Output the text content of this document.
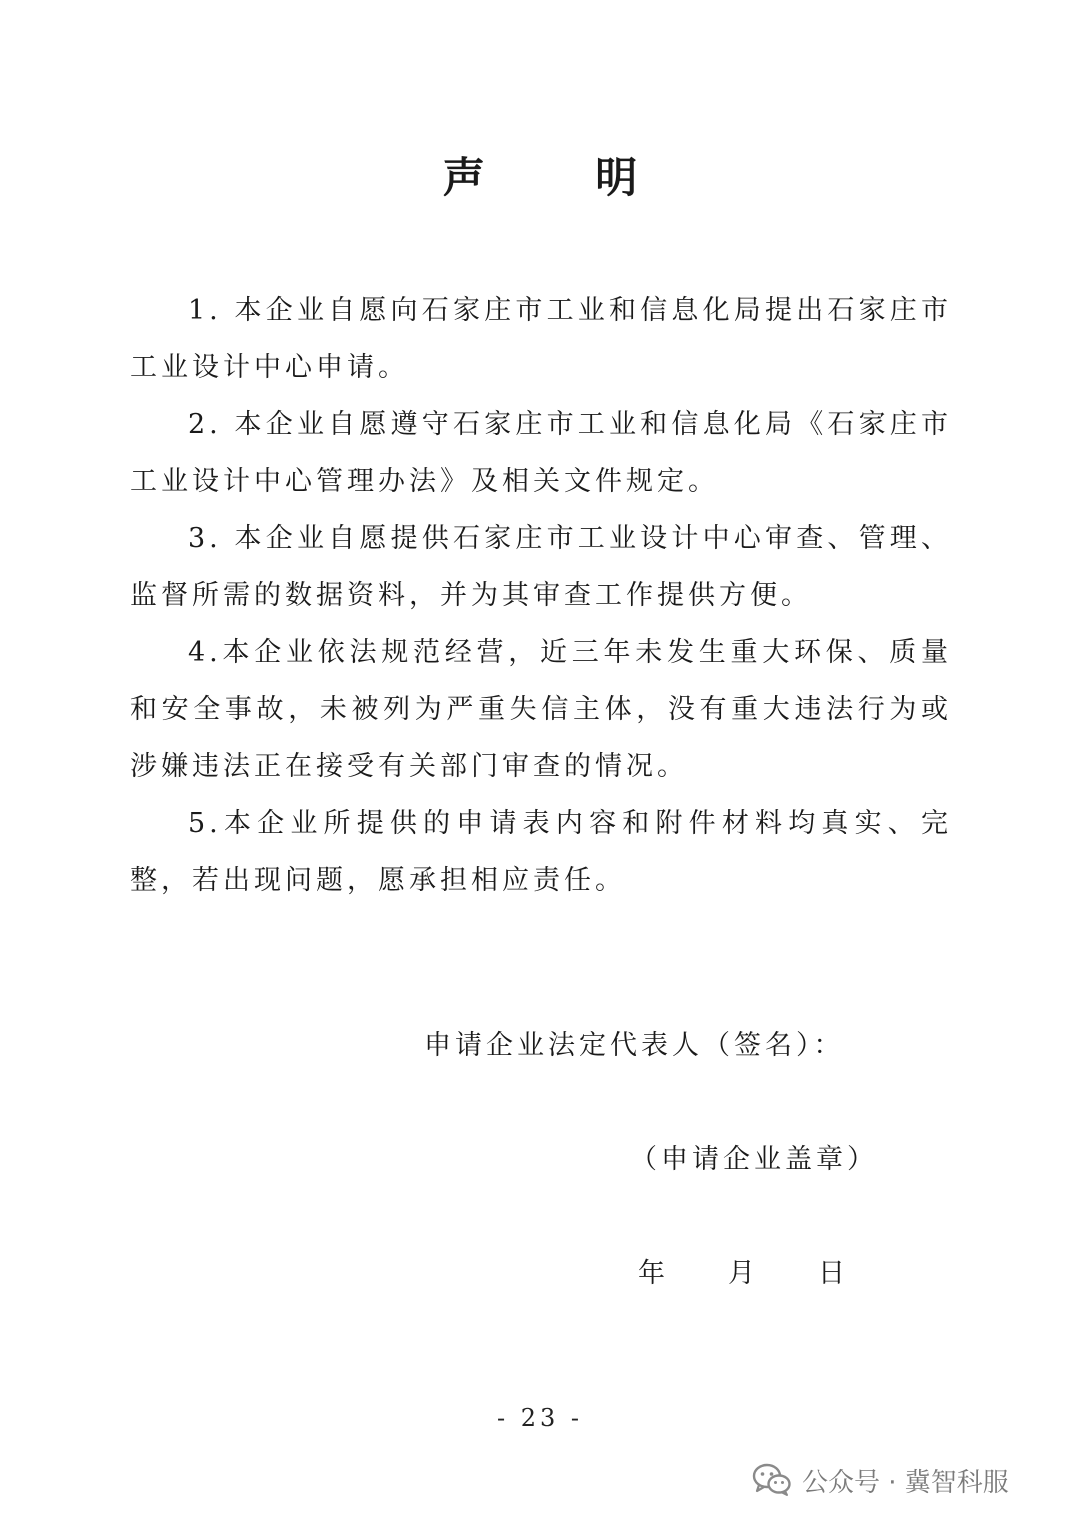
声 明

1. 本企业自愿向石家庄市工业和信息化局提出石家庄市工业设计中心申请。

2. 本企业自愿遵守石家庄市工业和信息化局《石家庄市工业设计中心管理办法》及相关文件规定。

3. 本企业自愿提供石家庄市工业设计中心审查、管理、监督所需的数据资料，并为其审查工作提供方便。

4.本企业依法规范经营，近三年未发生重大环保、质量和安全事故，未被列为严重失信主体，没有重大违法行为或涉嫌违法正在接受有关部门审查的情况。

5.本企业所提供的申请表内容和附件材料均真实、完整，若出现问题，愿承担相应责任。

申请企业法定代表人（签名）：
（申请企业盖章）
年 月 日
- 23 -
公众号 · 冀智科服
